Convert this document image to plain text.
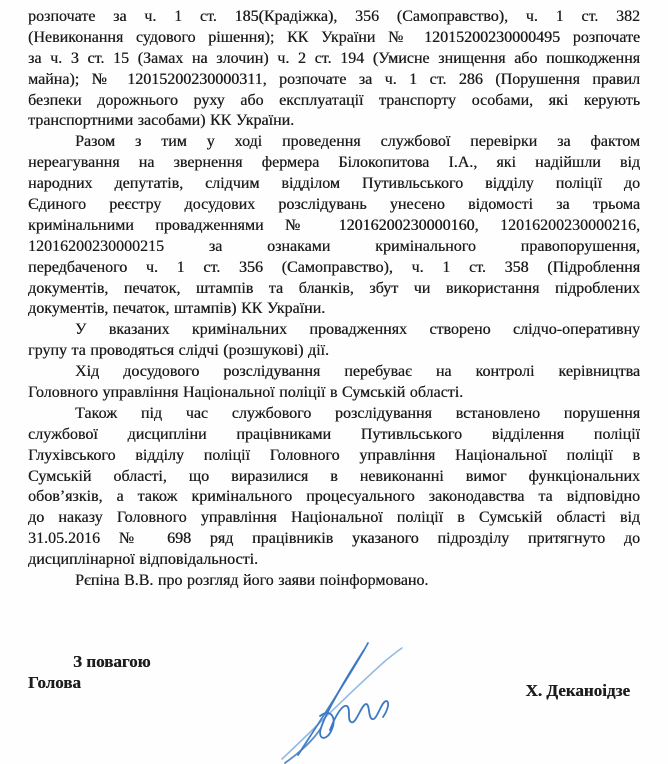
розпочате за ч. 1 ст. 185(Крадіжка), 356 (Самоправство), ч. 1 ст. 382
(Невиконання судового рішення); КК України № 12015200230000495 розпочате
за ч. 3 ст. 15 (Замах на злочин) ч. 2 ст. 194 (Умисне знищення або пошкодження
майна); № 12015200230000311, розпочате за ч. 1 ст. 286 (Порушення правил
безпеки дорожнього руху або експлуатації транспорту особами, які керують
транспортними засобами) КК України.
Разом з тим у ході проведення службової перевірки за фактом
нереагування на звернення фермера Білокопитова І.А., які надійшли від
народних депутатів, слідчим відділом Путивльського відділу поліції до
Єдиного реєстру досудових розслідувань унесено відомості за трьома
кримінальними провадженнями № 12016200230000160, 12016200230000216,
12016200230000215 за ознаками кримінального правопорушення,
передбаченого ч. 1 ст. 356 (Самоправство), ч. 1 ст. 358 (Підроблення
документів, печаток, штампів та бланків, збут чи використання підроблених
документів, печаток, штампів) КК України.
У вказаних кримінальних провадженнях створено слідчо-оперативну
групу та проводяться слідчі (розшукові) дії.
Хід досудового розслідування перебуває на контролі керівництва
Головного управління Національної поліції в Сумській області.
Також під час службового розслідування встановлено порушення
службової дисципліни працівниками Путивльського відділення поліції
Глухівського відділу поліції Головного управління Національної поліції в
Сумській області, що виразилися в невиконанні вимог функціональних
обов’язків, а також кримінального процесуального законодавства та відповідно
до наказу Головного управління Національної поліції в Сумській області від
31.05.2016 № 698 ряд працівників указаного підрозділу притягнуто до
дисциплінарної відповідальності.
Рєпіна В.В. про розгляд його заяви поінформовано.
З повагою
Голова	Х. Деканоідзе
